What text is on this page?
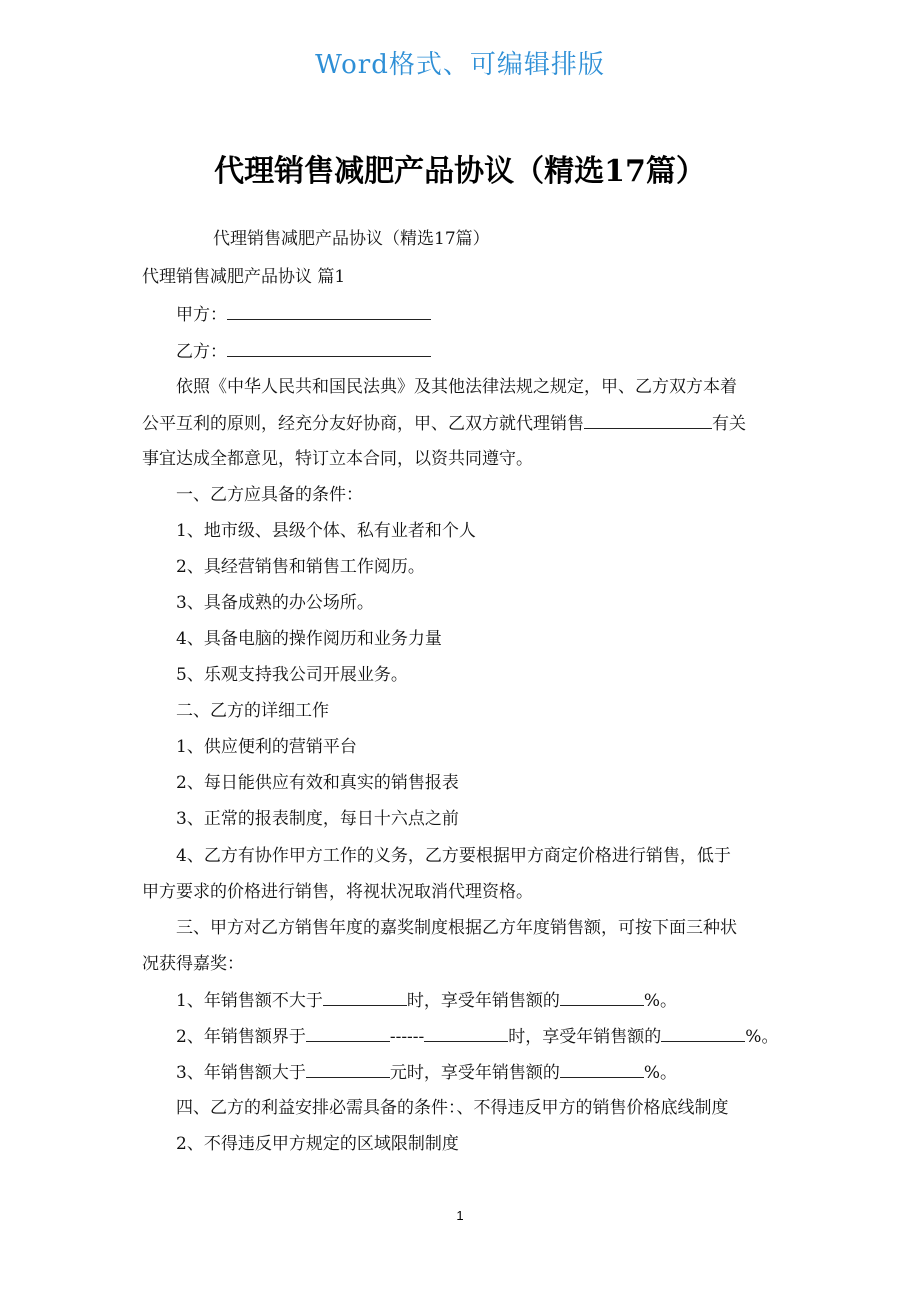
Word格式、可编辑排版
代理销售减肥产品协议（精选17篇）
代理销售减肥产品协议（精选17篇）
代理销售减肥产品协议 篇1
甲方：
乙方：
依照《中华人民共和国民法典》及其他法律法规之规定，甲、乙方双方本着
公平互利的原则，经充分友好协商，甲、乙双方就代理销售	有关
事宜达成全都意见，特订立本合同，以资共同遵守。
一、乙方应具备的条件：
1、地市级、县级个体、私有业者和个人
2、具经营销售和销售工作阅历。
3、具备成熟的办公场所。
4、具备电脑的操作阅历和业务力量
5、乐观支持我公司开展业务。
二、乙方的详细工作
1、供应便利的营销平台
2、每日能供应有效和真实的销售报表
3、正常的报表制度，每日十六点之前
4、乙方有协作甲方工作的义务，乙方要根据甲方商定价格进行销售，低于
甲方要求的价格进行销售，将视状况取消代理资格。
三、甲方对乙方销售年度的嘉奖制度根据乙方年度销售额，可按下面三种状
况获得嘉奖：
1、年销售额不大于	时，享受年销售额的	%。
2、年销售额界于	------	时，享受年销售额的	%。
3、年销售额大于	元时，享受年销售额的	%。
四、乙方的利益安排必需具备的条件：、不得违反甲方的销售价格底线制度
2、不得违反甲方规定的区域限制制度
1
